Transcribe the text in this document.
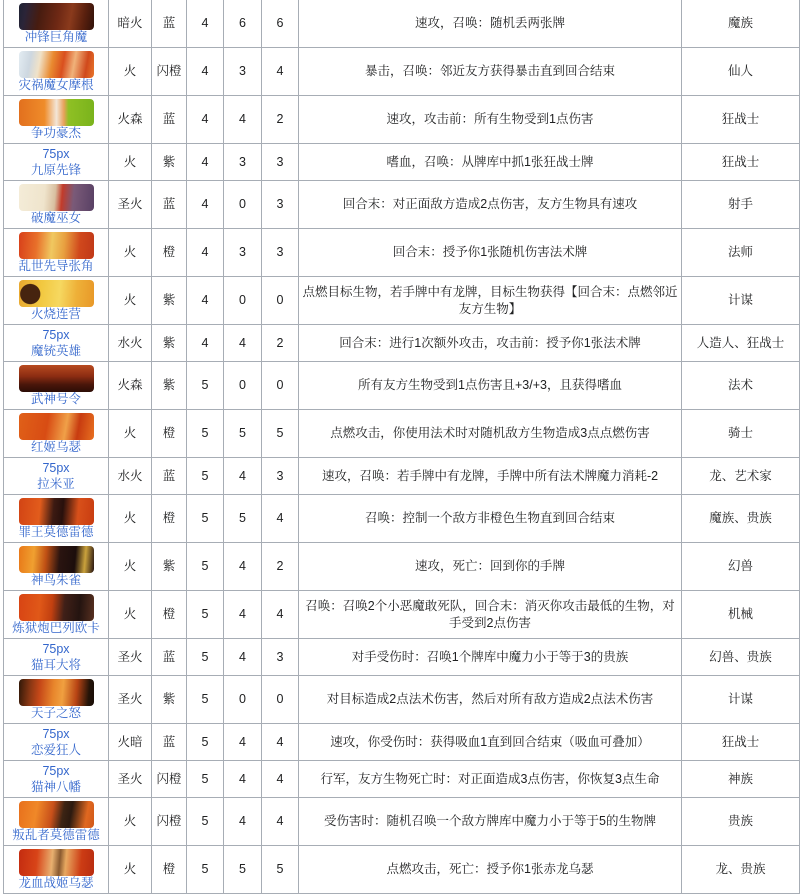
冲锋巨角魔	暗火	蓝	4	6	6	速攻，召唤：随机丢两张牌	魔族

灾祸魔女摩根	火	闪橙	4	3	4	暴击，召唤：邻近友方获得暴击直到回合结束	仙人

争功豪杰	火森	蓝	4	4	2	速攻，攻击前：所有生物受到1点伤害	狂战士

75px
九原先锋	火	紫	4	3	3	嗜血，召唤：从牌库中抓1张狂战士牌	狂战士

破魔巫女	圣火	蓝	4	0	3	回合末：对正面敌方造成2点伤害，友方生物具有速攻	射手

乱世先导张角	火	橙	4	3	3	回合末：授予你1张随机伤害法术牌	法师

火烧连营	火	紫	4	0	0	点燃目标生物，若手牌中有龙牌，目标生物获得【回合末：点燃邻近友方生物】	计谋

75px
魔铳英雄	水火	紫	4	4	2	回合末：进行1次额外攻击，攻击前：授予你1张法术牌	人造人、狂战士

武神号令	火森	紫	5	0	0	所有友方生物受到1点伤害且+3/+3，且获得嗜血	法术

红姬乌瑟	火	橙	5	5	5	点燃攻击，你使用法术时对随机敌方生物造成3点点燃伤害	骑士

75px
拉米亚	水火	蓝	5	4	3	速攻，召唤：若手牌中有龙牌，手牌中所有法术牌魔力消耗-2	龙、艺术家

罪王莫德雷德	火	橙	5	5	4	召唤：控制一个敌方非橙色生物直到回合结束	魔族、贵族

神鸟朱雀	火	紫	5	4	2	速攻，死亡：回到你的手牌	幻兽

炼狱炮巴列欧卡	火	橙	5	4	4	召唤：召唤2个小恶魔敢死队，回合末：消灭你攻击最低的生物，对手受到2点伤害	机械

75px
猫耳大将	圣火	蓝	5	4	3	对手受伤时：召唤1个牌库中魔力小于等于3的贵族	幻兽、贵族

天子之怒	圣火	紫	5	0	0	对目标造成2点法术伤害，然后对所有敌方造成2点法术伤害	计谋

75px
恋爱狂人	火暗	蓝	5	4	4	速攻，你受伤时：获得吸血1直到回合结束（吸血可叠加）	狂战士

75px
猫神八幡	圣火	闪橙	5	4	4	行军，友方生物死亡时：对正面造成3点伤害，你恢复3点生命	神族

叛乱者莫德雷德	火	闪橙	5	4	4	受伤害时：随机召唤一个敌方牌库中魔力小于等于5的生物牌	贵族

龙血战姬乌瑟	火	橙	5	5	5	点燃攻击，死亡：授予你1张赤龙乌瑟	龙、贵族
